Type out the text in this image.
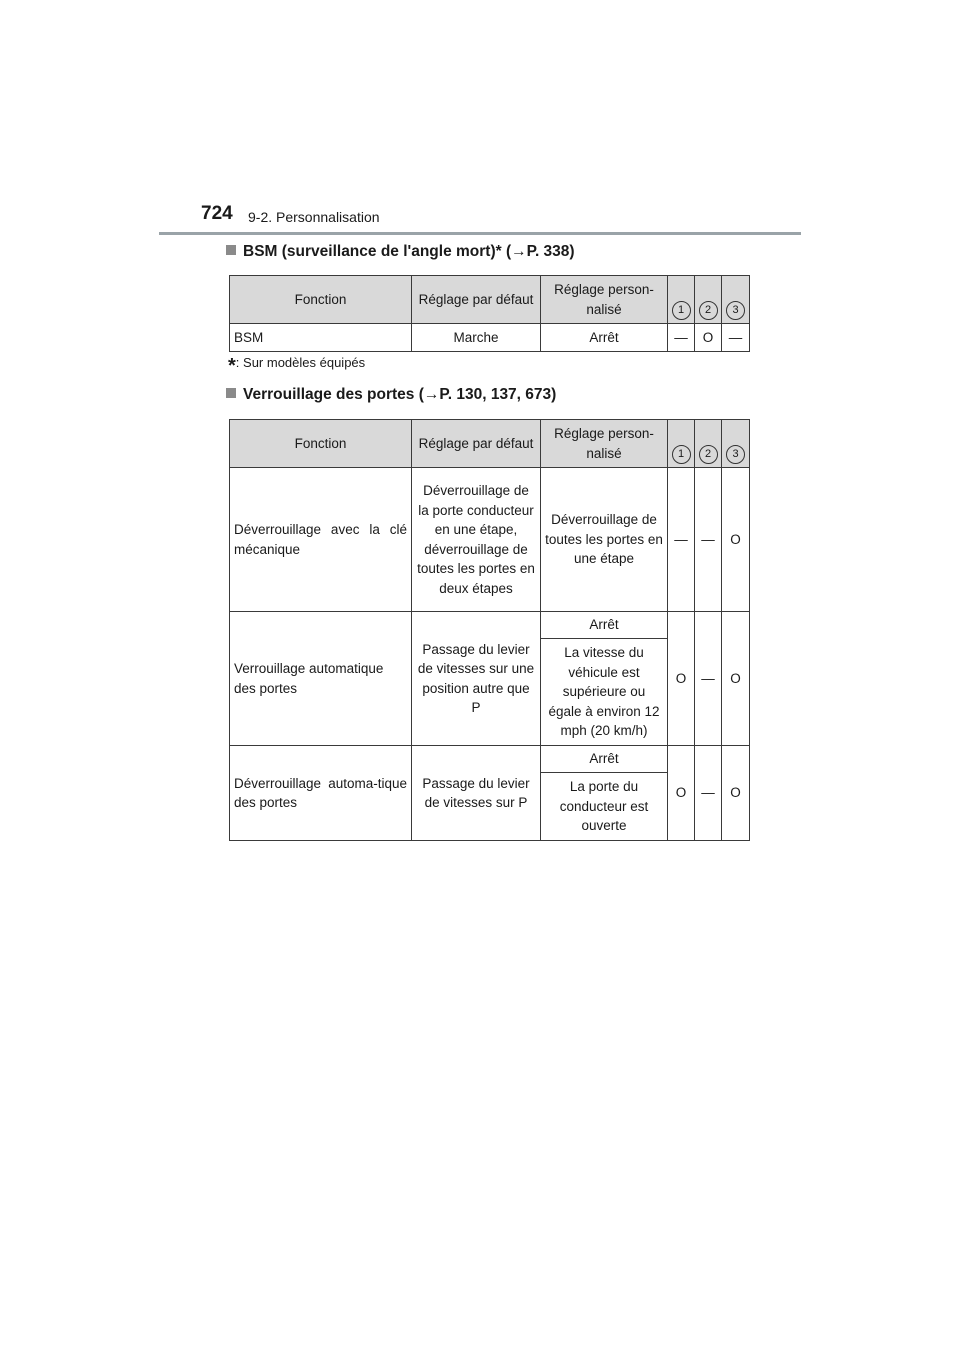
724 9-2. Personnalisation
BSM (surveillance de l'angle mort)* (→P. 338)
Fonction	Réglage par défaut	Réglage person-nalisé	1	2	3
BSM	Marche	Arrêt	—	O	—
*: Sur modèles équipés
Verrouillage des portes (→P. 130, 137, 673)
Fonction	Réglage par défaut	Réglage person-nalisé	1	2	3
Déverrouillage avec la clé mécanique	Déverrouillage de la porte conducteur en une étape, déverrouillage de toutes les portes en deux étapes	Déverrouillage de toutes les portes en une étape	—	—	O
Verrouillage automatique des portes	Passage du levier de vitesses sur une position autre que P	Arrêt	O	—	O
		La vitesse du véhicule est supérieure ou égale à environ 12 mph (20 km/h)			
Déverrouillage automa-tique des portes	Passage du levier de vitesses sur P	Arrêt	O	—	O
		La porte du conducteur est ouverte			
